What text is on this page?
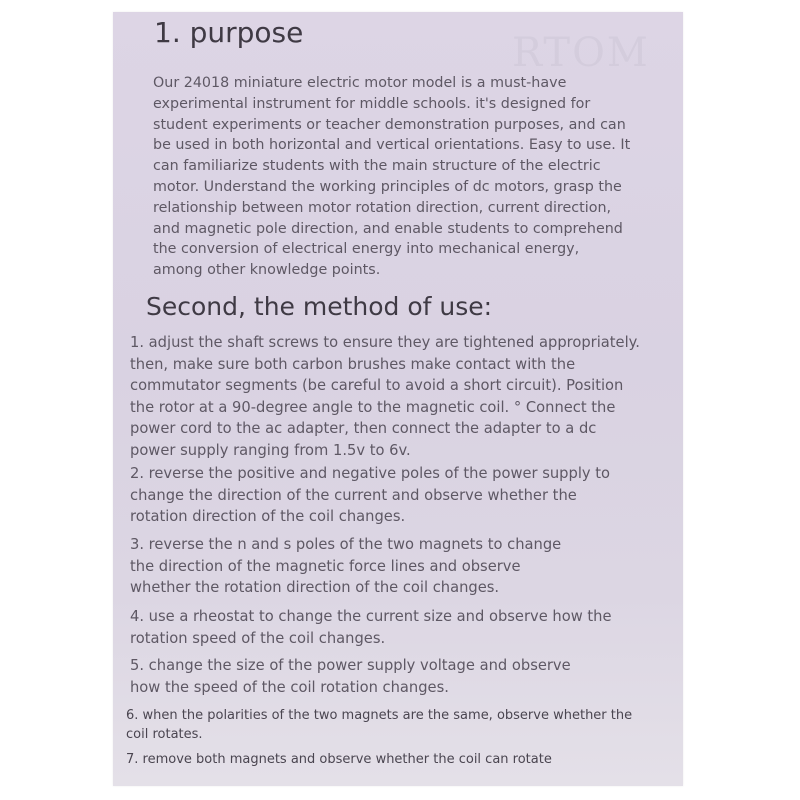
RTOM
1. purpose

Our 24018 miniature electric motor model is a must-have
experimental instrument for middle schools. it's designed for
student experiments or teacher demonstration purposes, and can
be used in both horizontal and vertical orientations. Easy to use. It
can familiarize students with the main structure of the electric
motor. Understand the working principles of dc motors, grasp the
relationship between motor rotation direction, current direction,
and magnetic pole direction, and enable students to comprehend
the conversion of electrical energy into mechanical energy,
among other knowledge points.

Second, the method of use:

1. adjust the shaft screws to ensure they are tightened appropriately.
then, make sure both carbon brushes make contact with the
commutator segments (be careful to avoid a short circuit). Position
the rotor at a 90-degree angle to the magnetic coil. ° Connect the
power cord to the ac adapter, then connect the adapter to a dc
power supply ranging from 1.5v to 6v.

2. reverse the positive and negative poles of the power supply to
change the direction of the current and observe whether the
rotation direction of the coil changes.

3. reverse the n and s poles of the two magnets to change
the direction of the magnetic force lines and observe
whether the rotation direction of the coil changes.

4. use a rheostat to change the current size and observe how the
rotation speed of the coil changes.

5. change the size of the power supply voltage and observe
how the speed of the coil rotation changes.

6. when the polarities of the two magnets are the same, observe whether the
coil rotates.

7. remove both magnets and observe whether the coil can rotate
